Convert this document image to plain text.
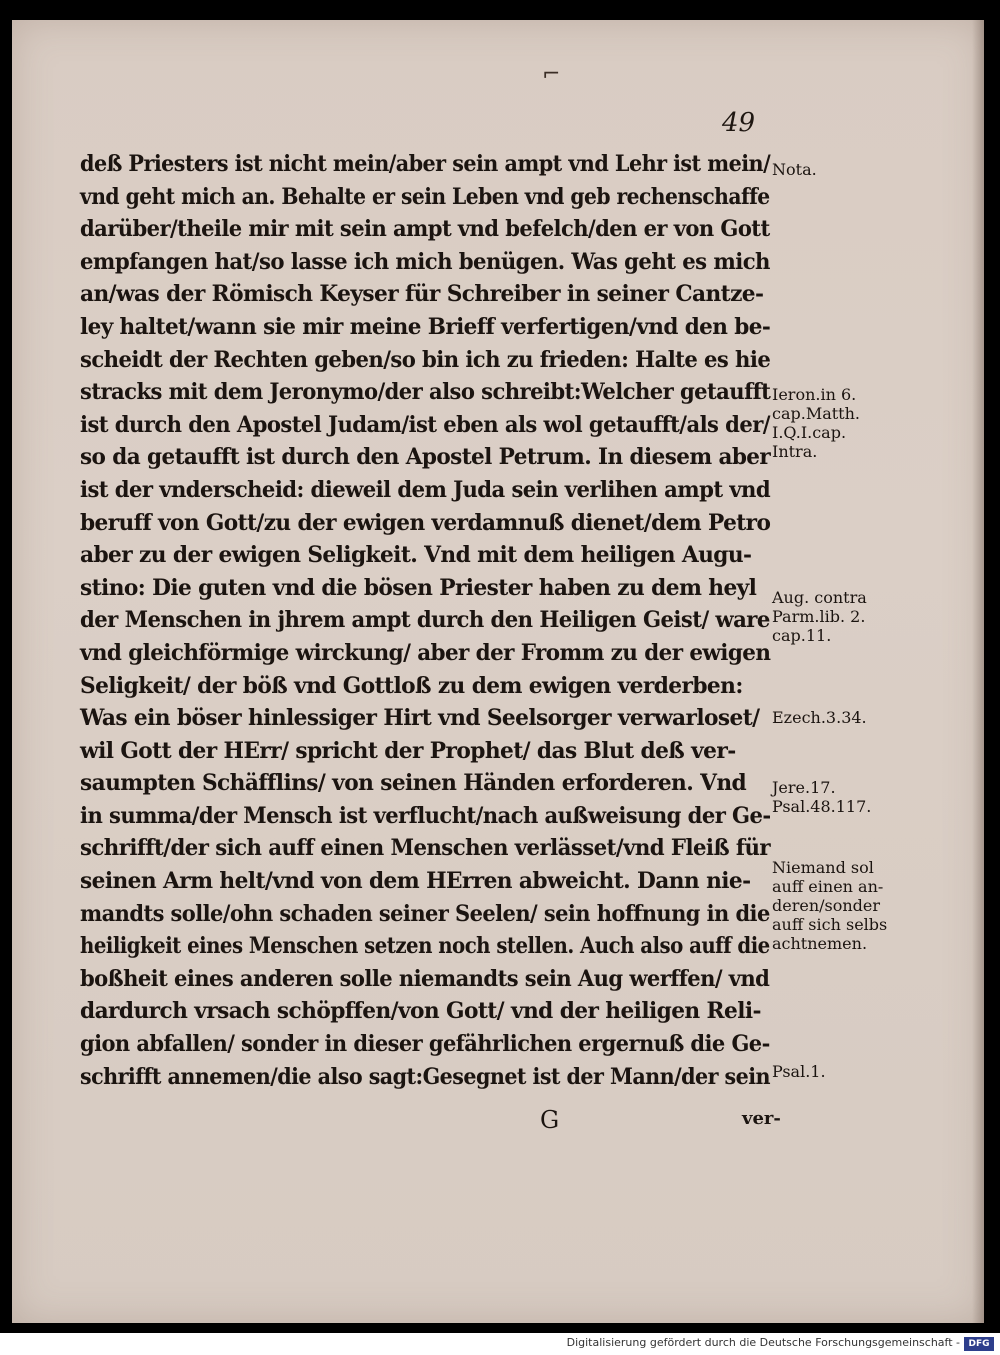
⌐
49
deß Priesters ist nicht mein/aber sein ampt vnd Lehr ist mein/
vnd geht mich an. Behalte er sein Leben vnd geb rechenschaffe
darüber/theile mir mit sein ampt vnd befelch/den er von Gott
empfangen hat/so lasse ich mich benügen. Was geht es mich
an/was der Römisch Keyser für Schreiber in seiner Cantze-
ley haltet/wann sie mir meine Brieff verfertigen/vnd den be-
scheidt der Rechten geben/so bin ich zu frieden: Halte es hie
stracks mit dem Jeronymo/der also schreibt:Welcher getaufft
ist durch den Apostel Judam/ist eben als wol getaufft/als der/
so da getaufft ist durch den Apostel Petrum. In diesem aber
ist der vnderscheid: dieweil dem Juda sein verlihen ampt vnd
beruff von Gott/zu der ewigen verdamnuß dienet/dem Petro
aber zu der ewigen Seligkeit. Vnd mit dem heiligen Augu-
stino: Die guten vnd die bösen Priester haben zu dem heyl
der Menschen in jhrem ampt durch den Heiligen Geist/ ware
vnd gleichförmige wirckung/ aber der Fromm zu der ewigen
Seligkeit/ der böß vnd Gottloß zu dem ewigen verderben:
Was ein böser hinlessiger Hirt vnd Seelsorger verwarloset/
wil Gott der HErr/ spricht der Prophet/ das Blut deß ver-
saumpten Schäfflins/ von seinen Händen erforderen. Vnd
in summa/der Mensch ist verflucht/nach außweisung der Ge-
schrifft/der sich auff einen Menschen verlässet/vnd Fleiß für
seinen Arm helt/vnd von dem HErren abweicht. Dann nie-
mandts solle/ohn schaden seiner Seelen/ sein hoffnung in die
heiligkeit eines Menschen setzen noch stellen. Auch also auff die
boßheit eines anderen solle niemandts sein Aug werffen/ vnd
dardurch vrsach schöpffen/von Gott/ vnd der heiligen Reli-
gion abfallen/ sonder in dieser gefährlichen ergernuß die Ge-
schrifft annemen/die also sagt:Gesegnet ist der Mann/der sein
Nota.
Ieron.in 6.
cap.Matth.
I.Q.I.cap.
Intra.
Aug. contra
Parm.lib. 2.
cap.11.
Ezech.3.34.
Jere.17.
Psal.48.117.
Niemand sol
auff einen an-
deren/sonder
auff sich selbs
achtnemen.
Psal.1.
G	ver-
Digitalisierung gefördert durch die Deutsche Forschungsgemeinschaft - DFG
